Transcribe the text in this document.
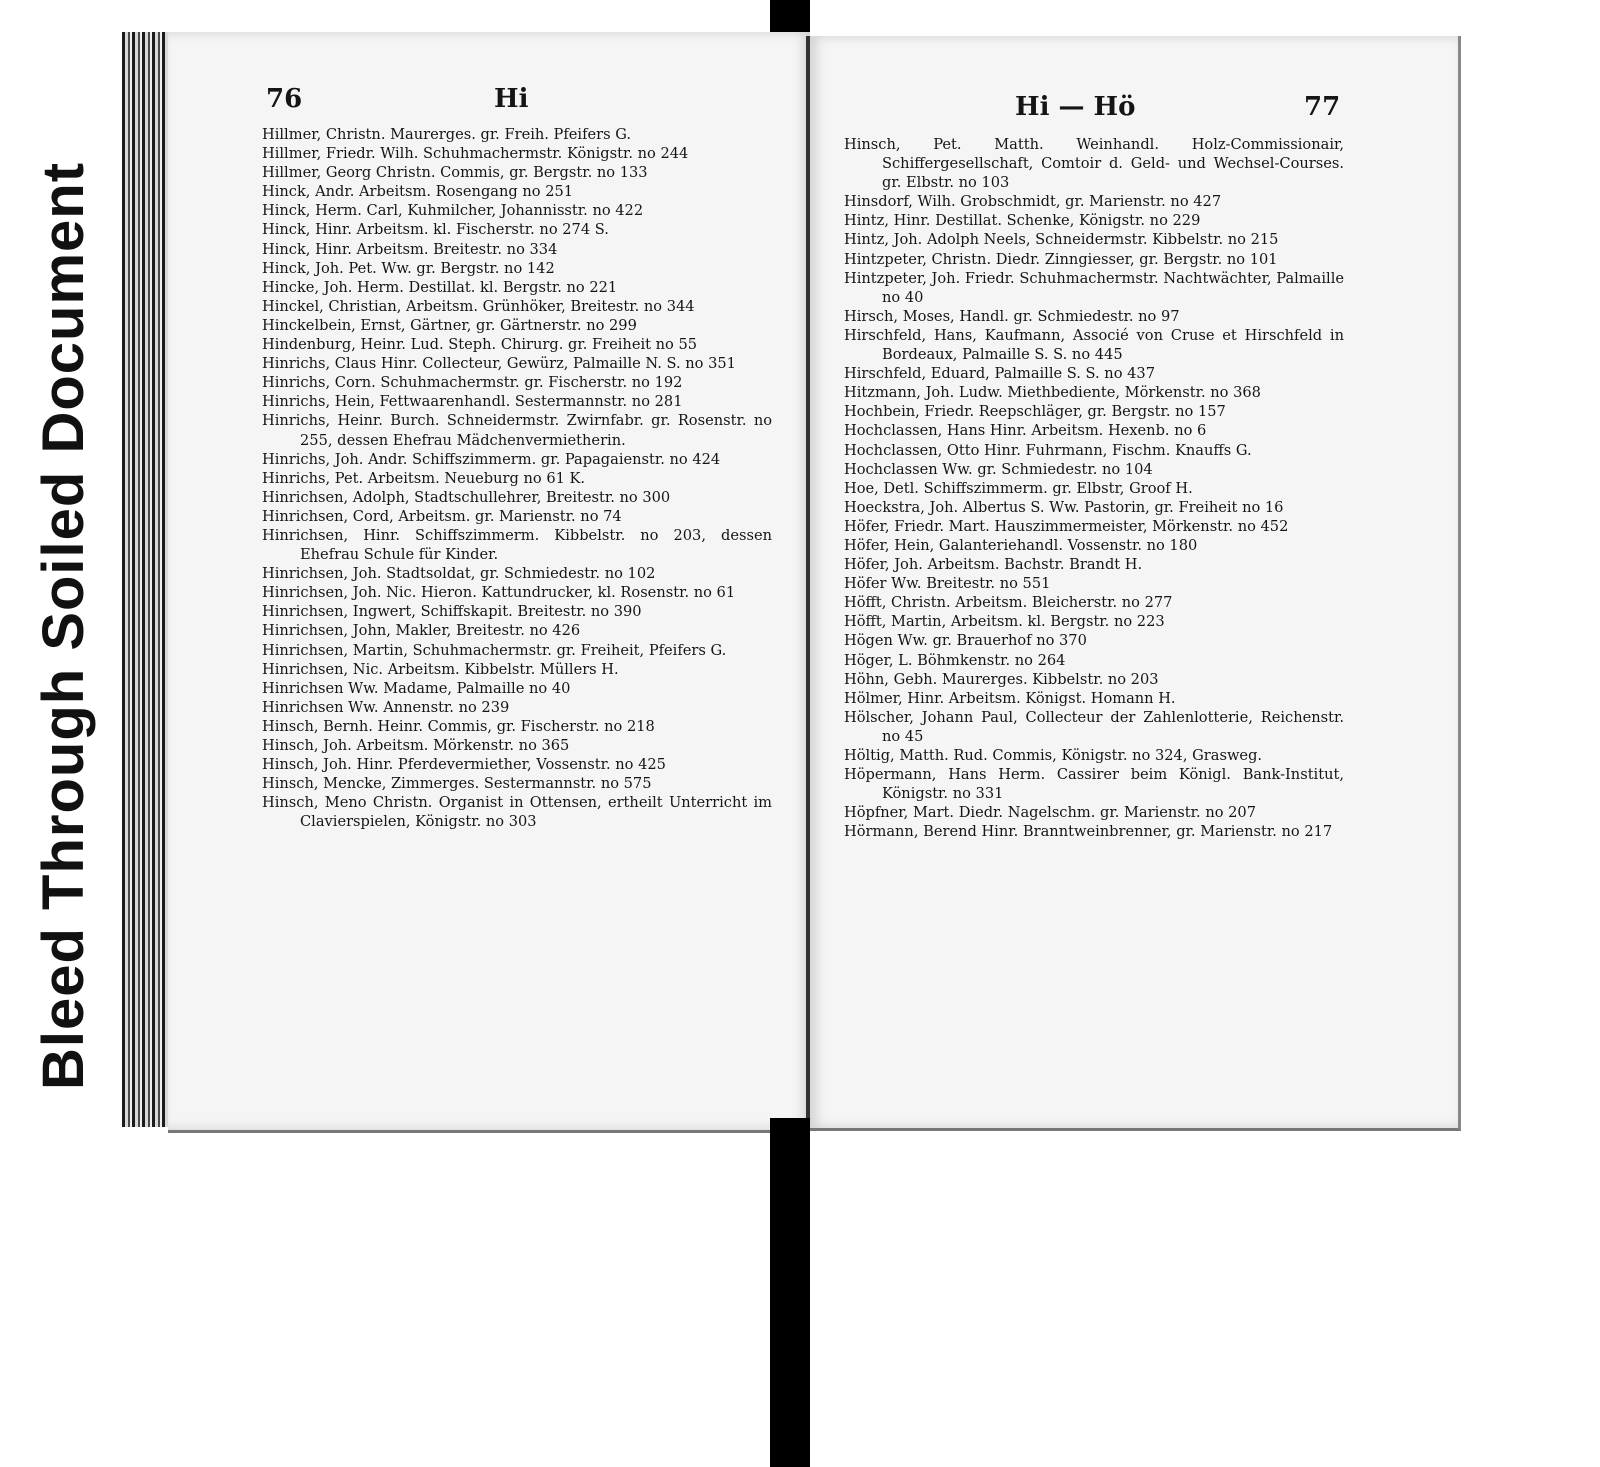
Bleed Through Soiled Document
76	Hi
Hillmer, Christn. Maurerges. gr. Freih. Pfeifers G.
Hillmer, Friedr. Wilh. Schuhmachermstr. Königstr. no 244
Hillmer, Georg Christn. Commis, gr. Bergstr. no 133
Hinck, Andr. Arbeitsm. Rosengang no 251
Hinck, Herm. Carl, Kuhmilcher, Johannisstr. no 422
Hinck, Hinr. Arbeitsm. kl. Fischerstr. no 274 S.
Hinck, Hinr. Arbeitsm. Breitestr. no 334
Hinck, Joh. Pet. Ww. gr. Bergstr. no 142
Hincke, Joh. Herm. Destillat. kl. Bergstr. no 221
Hinckel, Christian, Arbeitsm. Grünhöker, Breitestr. no 344
Hinckelbein, Ernst, Gärtner, gr. Gärtnerstr. no 299
Hindenburg, Heinr. Lud. Steph. Chirurg. gr. Freiheit no 55
Hinrichs, Claus Hinr. Collecteur, Gewürz, Palmaille N. S. no 351
Hinrichs, Corn. Schuhmachermstr. gr. Fischerstr. no 192
Hinrichs, Hein, Fettwaarenhandl. Sestermannstr. no 281
Hinrichs, Heinr. Burch. Schneidermstr. Zwirnfabr. gr. Rosenstr. no 255, dessen Ehefrau Mädchenvermietherin.
Hinrichs, Joh. Andr. Schiffszimmerm. gr. Papagaienstr. no 424
Hinrichs, Pet. Arbeitsm. Neueburg no 61 K.
Hinrichsen, Adolph, Stadtschullehrer, Breitestr. no 300
Hinrichsen, Cord, Arbeitsm. gr. Marienstr. no 74
Hinrichsen, Hinr. Schiffszimmerm. Kibbelstr. no 203, dessen Ehefrau Schule für Kinder.
Hinrichsen, Joh. Stadtsoldat, gr. Schmiedestr. no 102
Hinrichsen, Joh. Nic. Hieron. Kattundrucker, kl. Rosenstr. no 61
Hinrichsen, Ingwert, Schiffskapit. Breitestr. no 390
Hinrichsen, John, Makler, Breitestr. no 426
Hinrichsen, Martin, Schuhmachermstr. gr. Freiheit, Pfeifers G.
Hinrichsen, Nic. Arbeitsm. Kibbelstr. Müllers H.
Hinrichsen Ww. Madame, Palmaille no 40
Hinrichsen Ww. Annenstr. no 239
Hinsch, Bernh. Heinr. Commis, gr. Fischerstr. no 218
Hinsch, Joh. Arbeitsm. Mörkenstr. no 365
Hinsch, Joh. Hinr. Pferdevermiether, Vossenstr. no 425
Hinsch, Mencke, Zimmerges. Sestermannstr. no 575
Hinsch, Meno Christn. Organist in Ottensen, ertheilt Unterricht im Clavierspielen, Königstr. no 303
Hi — Hö	77
Hinsch, Pet. Matth. Weinhandl. Holz-Commissionair, Schiffergesellschaft, Comtoir d. Geld- und Wechsel-Courses. gr. Elbstr. no 103
Hinsdorf, Wilh. Grobschmidt, gr. Marienstr. no 427
Hintz, Hinr. Destillat. Schenke, Königstr. no 229
Hintz, Joh. Adolph Neels, Schneidermstr. Kibbelstr. no 215
Hintzpeter, Christn. Diedr. Zinngiesser, gr. Bergstr. no 101
Hintzpeter, Joh. Friedr. Schuhmachermstr. Nachtwächter, Palmaille no 40
Hirsch, Moses, Handl. gr. Schmiedestr. no 97
Hirschfeld, Hans, Kaufmann, Associé von Cruse et Hirschfeld in Bordeaux, Palmaille S. S. no 445
Hirschfeld, Eduard, Palmaille S. S. no 437
Hitzmann, Joh. Ludw. Miethbediente, Mörkenstr. no 368
Hochbein, Friedr. Reepschläger, gr. Bergstr. no 157
Hochclassen, Hans Hinr. Arbeitsm. Hexenb. no 6
Hochclassen, Otto Hinr. Fuhrmann, Fischm. Knauffs G.
Hochclassen Ww. gr. Schmiedestr. no 104
Hoe, Detl. Schiffszimmerm. gr. Elbstr, Groof H.
Hoeckstra, Joh. Albertus S. Ww. Pastorin, gr. Freiheit no 16
Höfer, Friedr. Mart. Hauszimmermeister, Mörkenstr. no 452
Höfer, Hein, Galanteriehandl. Vossenstr. no 180
Höfer, Joh. Arbeitsm. Bachstr. Brandt H.
Höfer Ww. Breitestr. no 551
Höfft, Christn. Arbeitsm. Bleicherstr. no 277
Höfft, Martin, Arbeitsm. kl. Bergstr. no 223
Högen Ww. gr. Brauerhof no 370
Höger, L. Böhmkenstr. no 264
Höhn, Gebh. Maurerges. Kibbelstr. no 203
Hölmer, Hinr. Arbeitsm. Königst. Homann H.
Hölscher, Johann Paul, Collecteur der Zahlenlotterie, Reichenstr. no 45
Höltig, Matth. Rud. Commis, Königstr. no 324, Grasweg.
Höpermann, Hans Herm. Cassirer beim Königl. Bank-Institut, Königstr. no 331
Höpfner, Mart. Diedr. Nagelschm. gr. Marienstr. no 207
Hörmann, Berend Hinr. Branntweinbrenner, gr. Marienstr. no 217
